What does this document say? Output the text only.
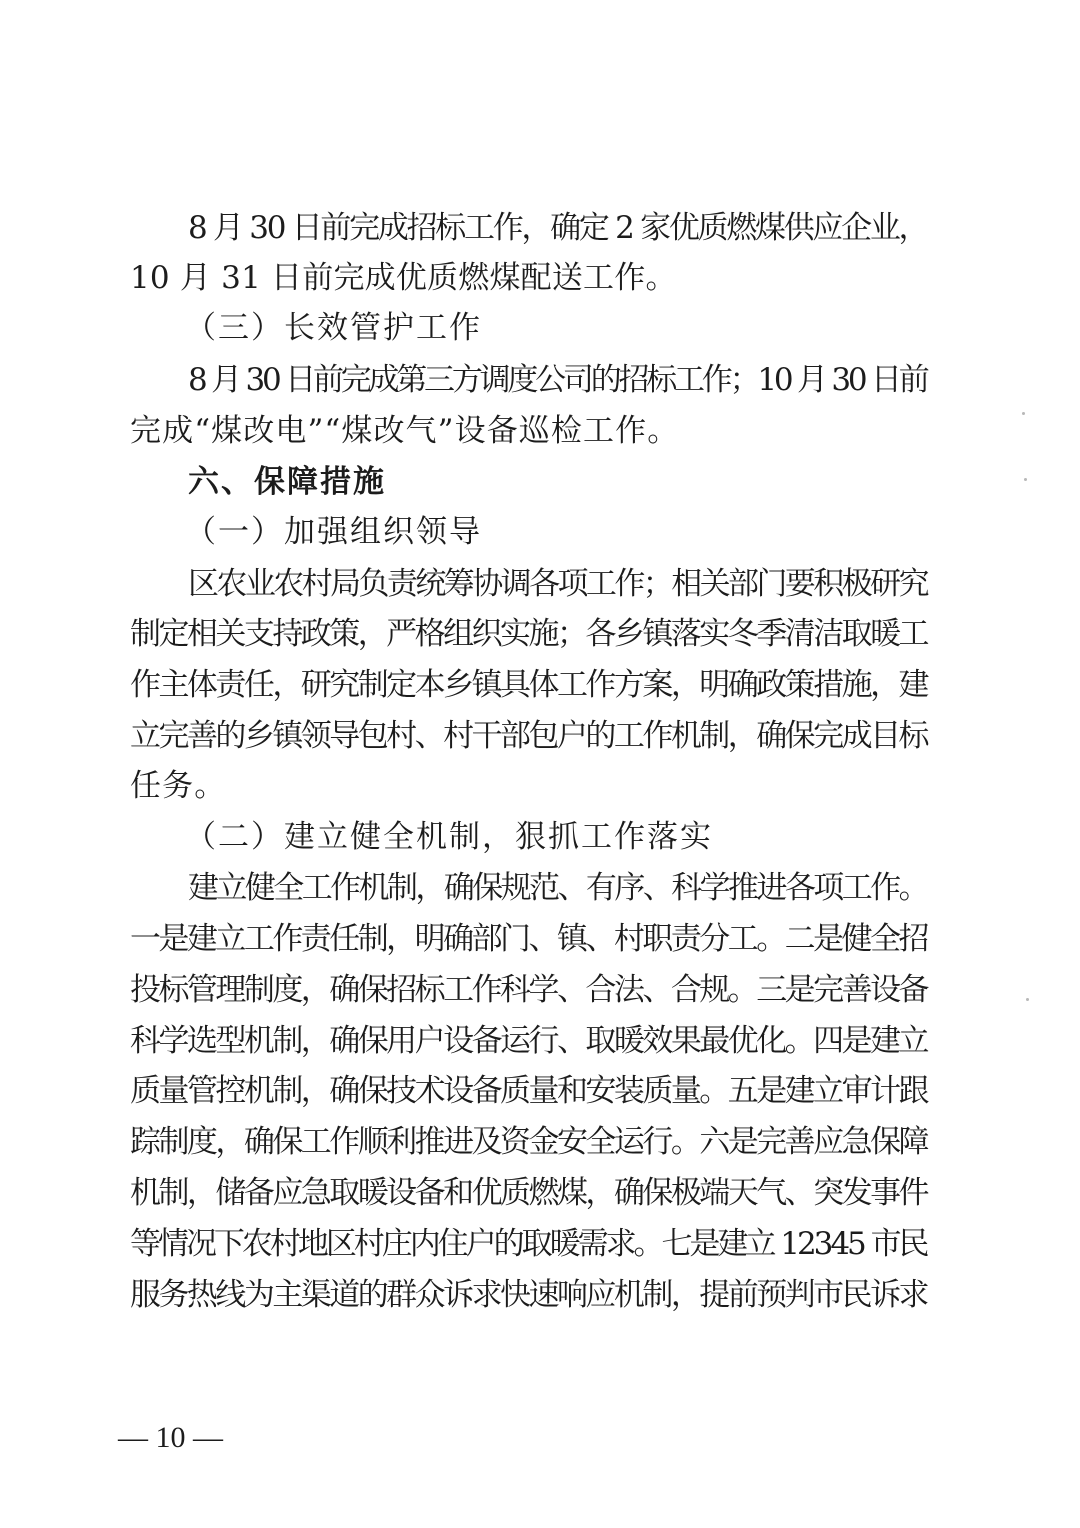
8 月 30 日前完成招标工作，确定 2 家优质燃煤供应企业，
10 月 31 日前完成优质燃煤配送工作。
（三）长效管护工作
8 月 30 日前完成第三方调度公司的招标工作；10 月 30 日前
完成“煤改电”“煤改气”设备巡检工作。
六、保障措施
（一）加强组织领导
区农业农村局负责统筹协调各项工作；相关部门要积极研究
制定相关支持政策，严格组织实施；各乡镇落实冬季清洁取暖工
作主体责任，研究制定本乡镇具体工作方案，明确政策措施，建
立完善的乡镇领导包村、村干部包户的工作机制，确保完成目标
任务。
（二）建立健全机制，狠抓工作落实
建立健全工作机制，确保规范、有序、科学推进各项工作。
一是建立工作责任制，明确部门、镇、村职责分工。二是健全招
投标管理制度，确保招标工作科学、合法、合规。三是完善设备
科学选型机制，确保用户设备运行、取暖效果最优化。四是建立
质量管控机制，确保技术设备质量和安装质量。五是建立审计跟
踪制度，确保工作顺利推进及资金安全运行。六是完善应急保障
机制，储备应急取暖设备和优质燃煤，确保极端天气、突发事件
等情况下农村地区村庄内住户的取暖需求。七是建立 12345 市民
服务热线为主渠道的群众诉求快速响应机制，提前预判市民诉求
— 10 —
